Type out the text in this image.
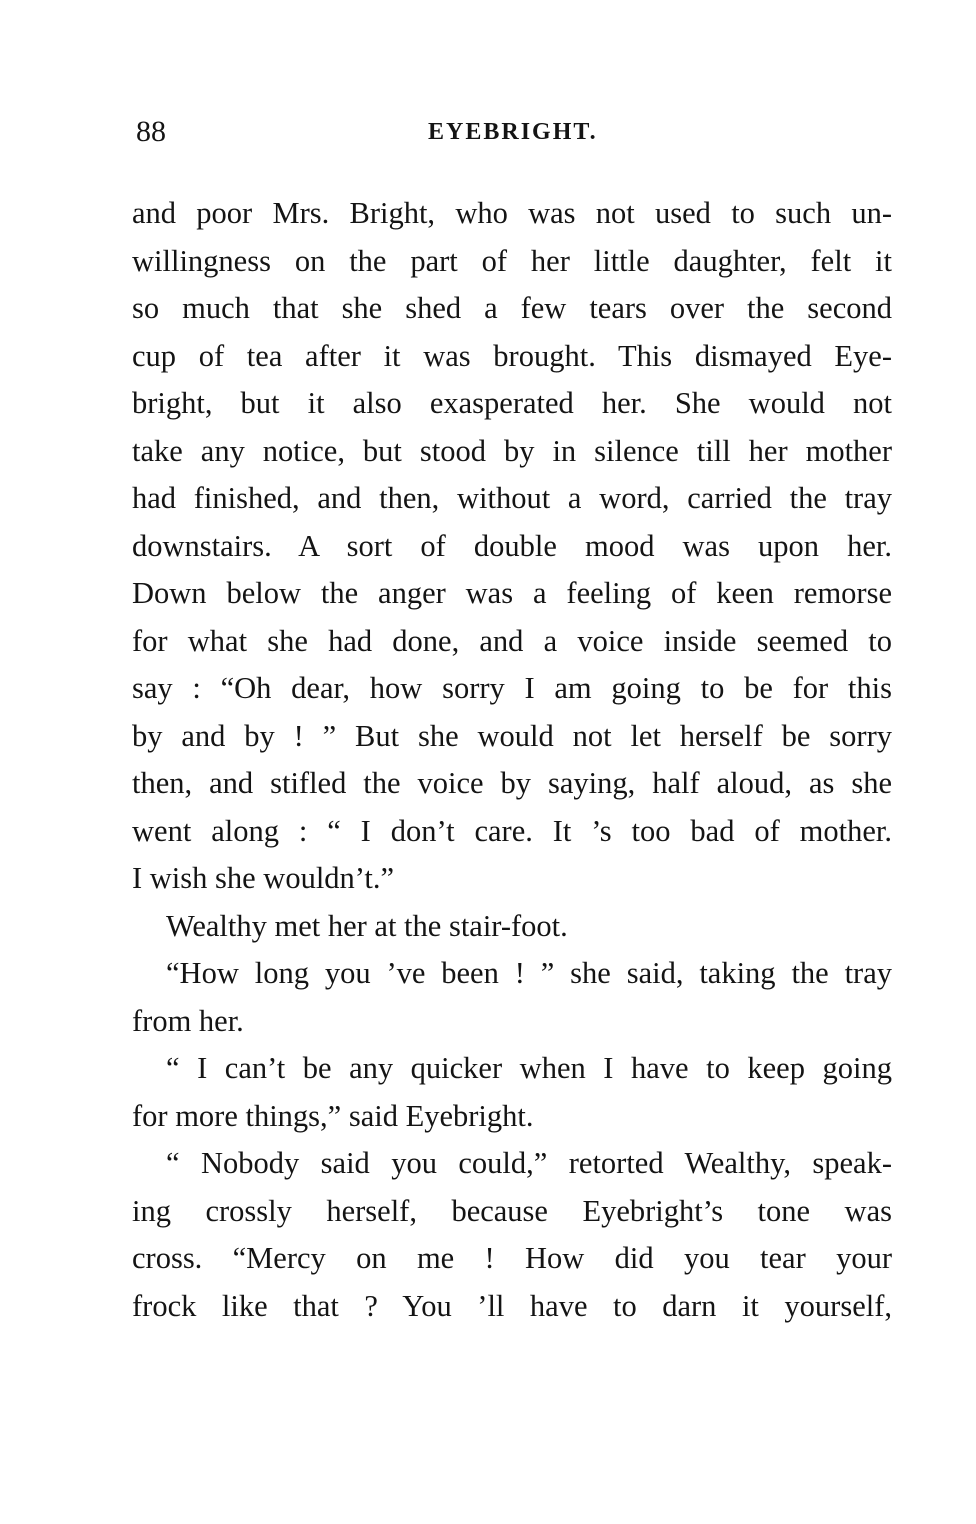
88	EYEBRIGHT.
and poor Mrs. Bright, who was not used to such un-
willingness on the part of her little daughter, felt it
so much that she shed a few tears over the second
cup of tea after it was brought. This dismayed Eye-
bright, but it also exasperated her. She would not
take any notice, but stood by in silence till her mother
had finished, and then, without a word, carried the tray
downstairs. A sort of double mood was upon her.
Down below the anger was a feeling of keen remorse
for what she had done, and a voice inside seemed to
say : “Oh dear, how sorry I am going to be for this
by and by ! ” But she would not let herself be sorry
then, and stifled the voice by saying, half aloud, as she
went along : “ I don’t care. It ’s too bad of mother.
I wish she wouldn’t.”
Wealthy met her at the stair-foot.
“How long you ’ve been ! ” she said, taking the tray
from her.
“ I can’t be any quicker when I have to keep going
for more things,” said Eyebright.
“ Nobody said you could,” retorted Wealthy, speak-
ing crossly herself, because Eyebright’s tone was
cross. “Mercy on me ! How did you tear your
frock like that ? You ’ll have to darn it yourself,
